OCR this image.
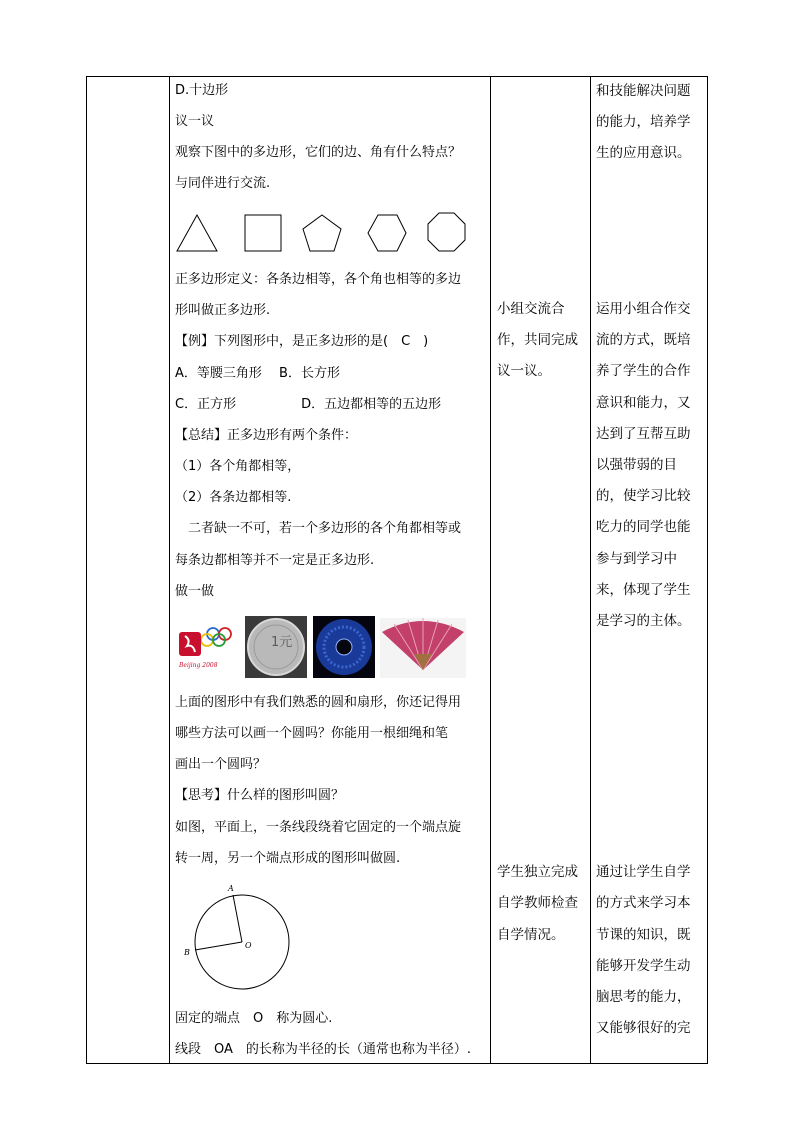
D.十边形
议一议
观察下图中的多边形，它们的边、角有什么特点？
与同伴进行交流.
正多边形定义：各条边相等，各个角也相等的多边
形叫做正多边形.
【例】下列图形中，是正多边形的是(　C　)
A．等腰三角形　 B．长方形
C．正方形　　　　　D．五边都相等的五边形
【总结】正多边形有两个条件：
（1）各个角都相等，
（2）各条边都相等.
　二者缺一不可，若一个多边形的各个角都相等或
每条边都相等并不一定是正多边形.
做一做
Beijing 2008
1元
上面的图形中有我们熟悉的圆和扇形，你还记得用
哪些方法可以画一个圆吗？你能用一根细绳和笔
画出一个圆吗？
【思考】什么样的图形叫圆？
如图，平面上，一条线段绕着它固定的一个端点旋
转一周，另一个端点形成的图形叫做圆.
A
B
O
固定的端点　O　称为圆心.
线段　OA　的长称为半径的长（通常也称为半径）.
小组交流合
作，共同完成
议一议。
学生独立完成
自学教师检查
自学情况。
和技能解决问题
的能力，培养学
生的应用意识。
运用小组合作交
流的方式，既培
养了学生的合作
意识和能力，又
达到了互帮互助
以强带弱的目
的，使学习比较
吃力的同学也能
参与到学习中
来，体现了学生
是学习的主体。
通过让学生自学
的方式来学习本
节课的知识，既
能够开发学生动
脑思考的能力，
又能够很好的完
